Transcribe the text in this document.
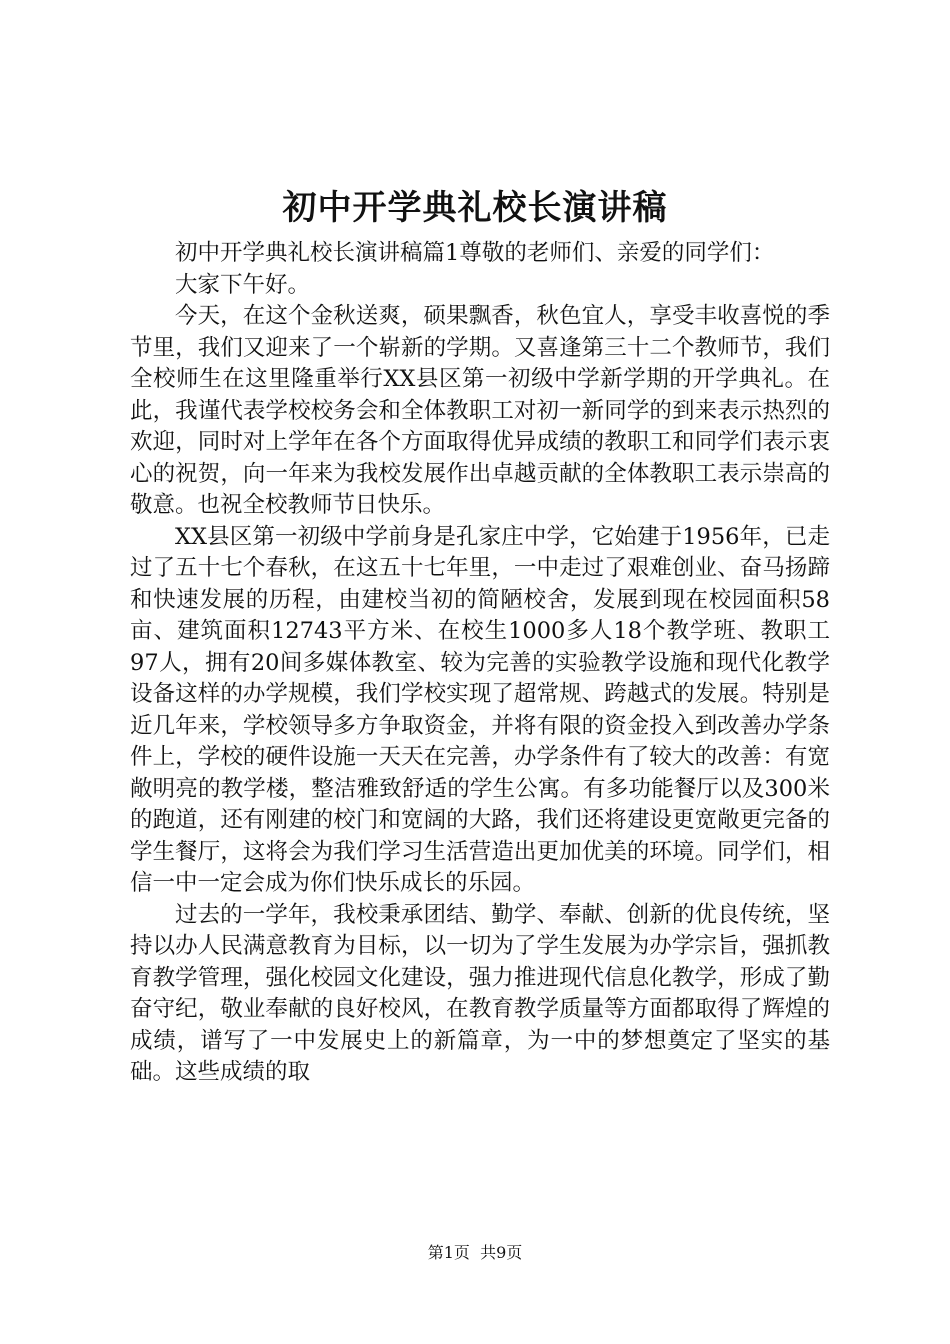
初中开学典礼校长演讲稿

初中开学典礼校长演讲稿篇1尊敬的老师们、亲爱的同学们：

大家下午好。

今天，在这个金秋送爽，硕果飘香，秋色宜人，享受丰收喜悦的季节里，我们又迎来了一个崭新的学期。又喜逢第三十二个教师节，我们全校师生在这里隆重举行XX县区第一初级中学新学期的开学典礼。在此，我谨代表学校校务会和全体教职工对初一新同学的到来表示热烈的欢迎，同时对上学年在各个方面取得优异成绩的教职工和同学们表示衷心的祝贺，向一年来为我校发展作出卓越贡献的全体教职工表示崇高的敬意。也祝全校教师节日快乐。

XX县区第一初级中学前身是孔家庄中学，它始建于1956年，已走过了五十七个春秋，在这五十七年里，一中走过了艰难创业、奋马扬蹄和快速发展的历程，由建校当初的简陋校舍，发展到现在校园面积58亩、建筑面积12743平方米、在校生1000多人18个教学班、教职工97人，拥有20间多媒体教室、较为完善的实验教学设施和现代化教学设备这样的办学规模，我们学校实现了超常规、跨越式的发展。特别是近几年来，学校领导多方争取资金，并将有限的资金投入到改善办学条件上，学校的硬件设施一天天在完善，办学条件有了较大的改善：有宽敞明亮的教学楼，整洁雅致舒适的学生公寓。有多功能餐厅以及300米的跑道，还有刚建的校门和宽阔的大路，我们还将建设更宽敞更完备的学生餐厅，这将会为我们学习生活营造出更加优美的环境。同学们，相信一中一定会成为你们快乐成长的乐园。

过去的一学年，我校秉承团结、勤学、奉献、创新的优良传统，坚持以办人民满意教育为目标，以一切为了学生发展为办学宗旨，强抓教育教学管理，强化校园文化建设，强力推进现代信息化教学，形成了勤奋守纪，敬业奉献的良好校风，在教育教学质量等方面都取得了辉煌的成绩，谱写了一中发展史上的新篇章，为一中的梦想奠定了坚实的基础。这些成绩的取

第1页  共9页
